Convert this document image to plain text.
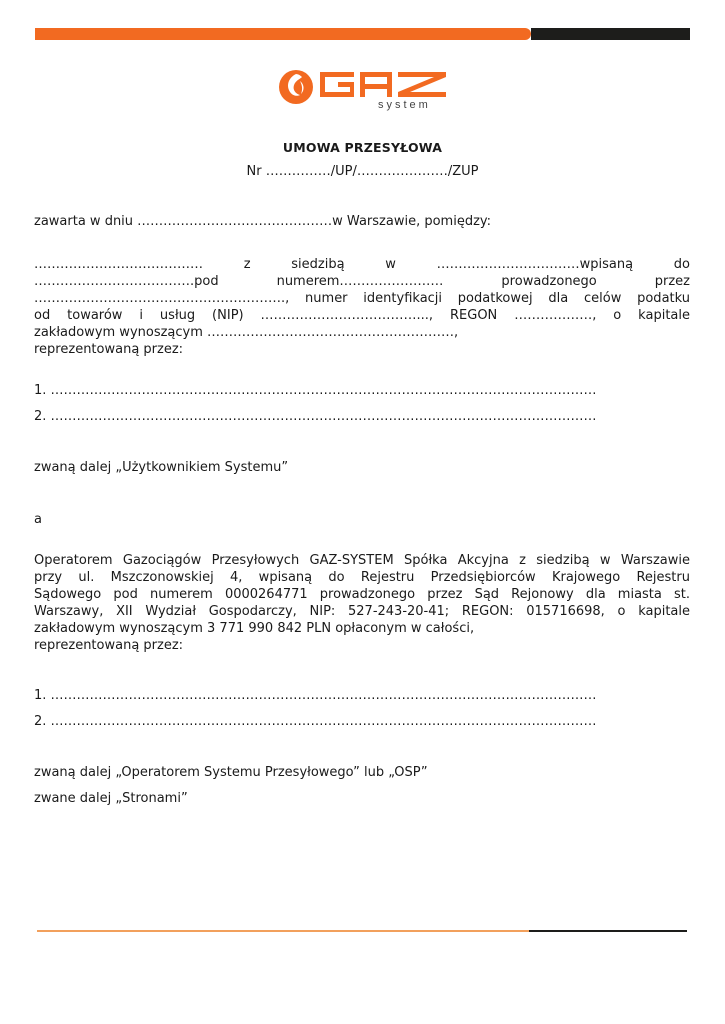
system
UMOWA PRZESYŁOWA
Nr ……………/UP/…………………/ZUP
zawarta w dniu ………………………………………w Warszawie, pomiędzy:
………………………………… z siedzibą w ……………………………wpisaną do
……………………………….pod numerem…………………… prowadzonego przez
…………………………………………………., numer identyfikacji podatkowej dla celów podatku
od towarów i usług (NIP) ………………………………..., REGON ………………, o kapitale
zakładowym wynoszącym …………………………………………………,
reprezentowaną przez:
1. ………………………………………………………………………………………………………………
2. ………………………………………………………………………………………………………………
zwaną dalej „Użytkownikiem Systemu”
a
Operatorem Gazociągów Przesyłowych GAZ-SYSTEM Spółka Akcyjna z siedzibą w Warszawie
przy ul. Mszczonowskiej 4, wpisaną do Rejestru Przedsiębiorców Krajowego Rejestru
Sądowego pod numerem 0000264771 prowadzonego przez Sąd Rejonowy dla miasta st.
Warszawy, XII Wydział Gospodarczy, NIP: 527-243-20-41; REGON: 015716698, o kapitale
zakładowym wynoszącym 3 771 990 842 PLN opłaconym w całości,
reprezentowaną przez:
1. ………………………………………………………………………………………………………………
2. ………………………………………………………………………………………………………………
zwaną dalej „Operatorem Systemu Przesyłowego” lub „OSP”
zwane dalej „Stronami”
